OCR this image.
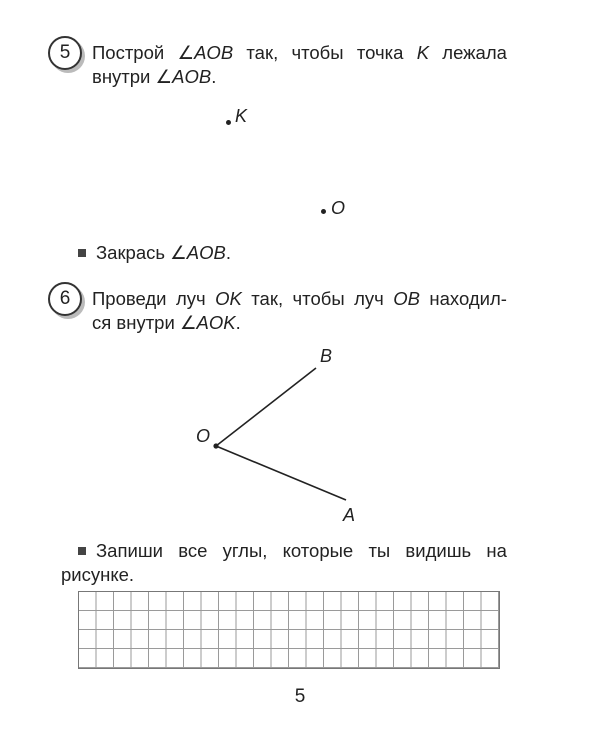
5	Построй ∠AOB так, чтобы точка K лежала
внутри ∠AOB.
K
O
Закрась ∠AOB.
6	Проведи луч OK так, чтобы луч OB находил-
ся внутри ∠AOK.
B
O
A
Запиши все углы, которые ты видишь на
рисунке.
5
